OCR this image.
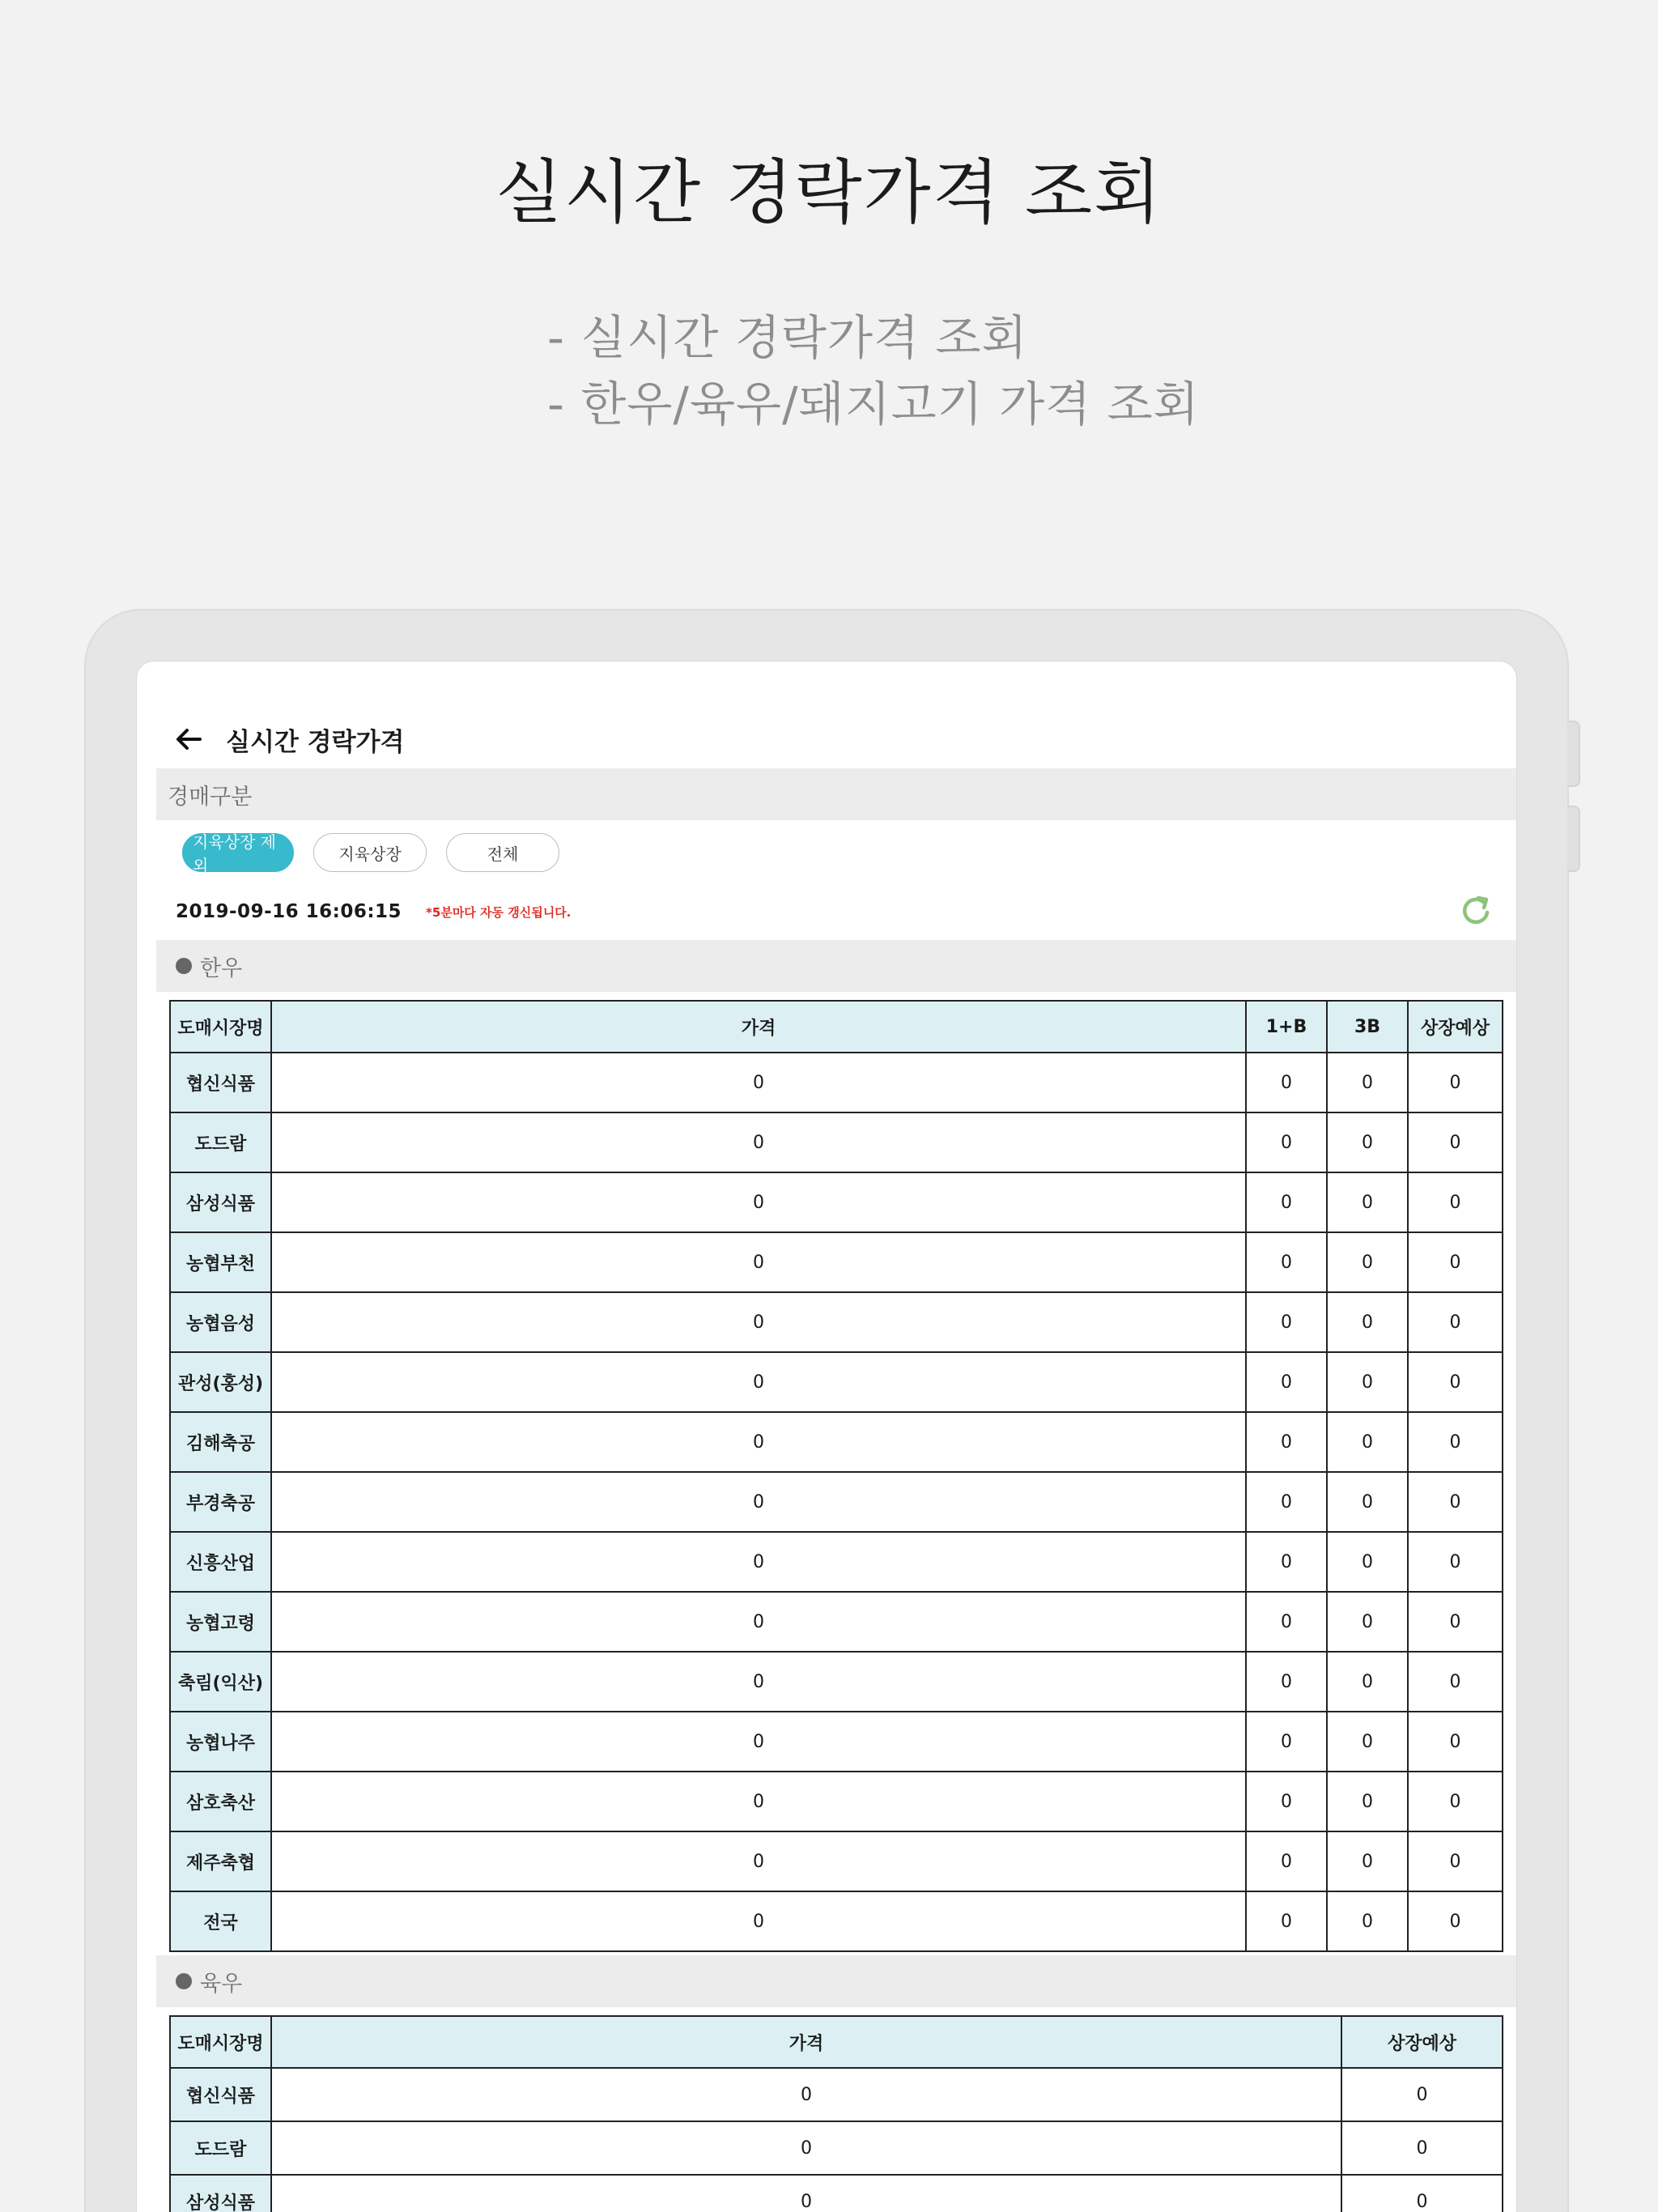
실시간 경락가격 조회
- 실시간 경락가격 조회
- 한우/육우/돼지고기 가격 조회
실시간 경락가격
경매구분
지육상장 제외
지육상장	전체
2019-09-16 16:06:15 *5분마다 자동 갱신됩니다.
한우
도매시장명	가격	1+B	3B	상장예상
협신식품	0	0	0	0
도드람	0	0	0	0
삼성식품	0	0	0	0
농협부천	0	0	0	0
농협음성	0	0	0	0
관성(홍성)	0	0	0	0
김해축공	0	0	0	0
부경축공	0	0	0	0
신흥산업	0	0	0	0
농협고령	0	0	0	0
축림(익산)	0	0	0	0
농협나주	0	0	0	0
삼호축산	0	0	0	0
제주축협	0	0	0	0
전국	0	0	0	0
육우
도매시장명	가격	상장예상
협신식품	0	0
도드람	0	0
삼성식품	0	0
